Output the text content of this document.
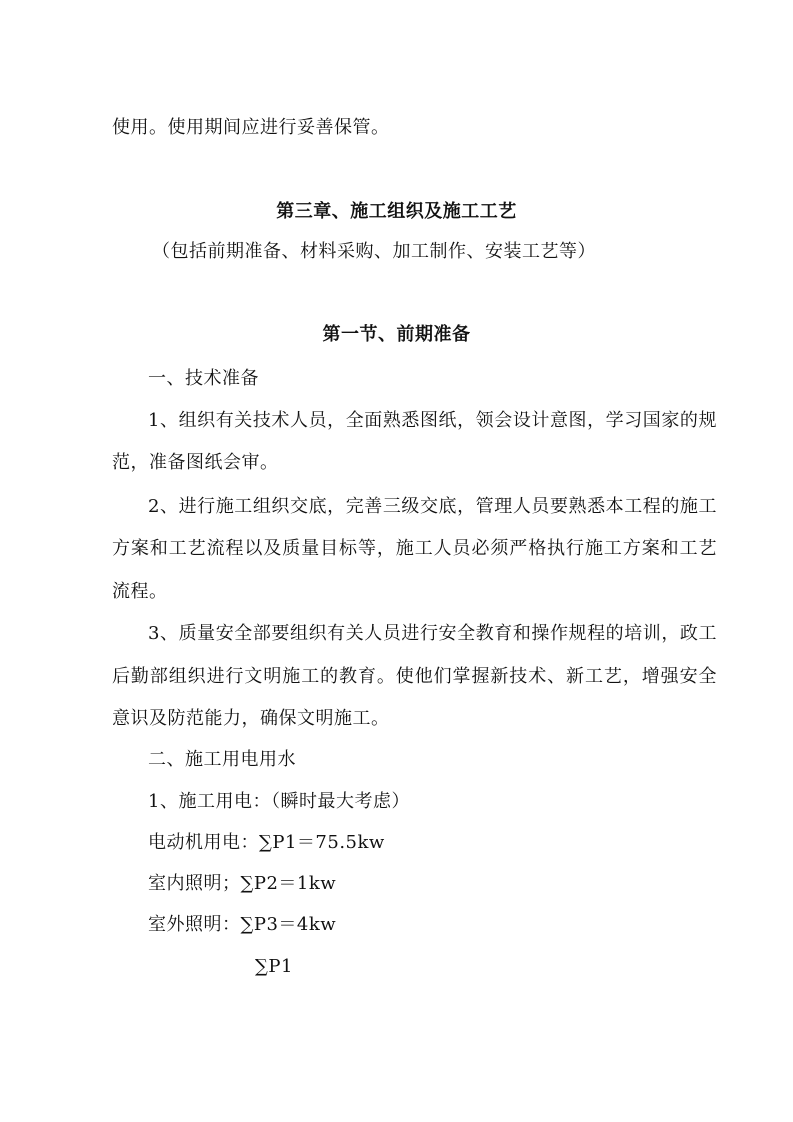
使用。使用期间应进行妥善保管。
第三章、施工组织及施工工艺
（包括前期准备、材料采购、加工制作、安装工艺等）
第一节、前期准备
一、技术准备
1、组织有关技术人员，全面熟悉图纸，领会设计意图，学习国家的规
范，准备图纸会审。
2、进行施工组织交底，完善三级交底，管理人员要熟悉本工程的施工
方案和工艺流程以及质量目标等，施工人员必须严格执行施工方案和工艺
流程。
3、质量安全部要组织有关人员进行安全教育和操作规程的培训，政工
后勤部组织进行文明施工的教育。使他们掌握新技术、新工艺，增强安全
意识及防范能力，确保文明施工。
二、施工用电用水
1、施工用电：（瞬时最大考虑）
电动机用电：∑P1＝75.5kw
室内照明；∑P2＝1kw
室外照明：∑P3＝4kw
∑P1
